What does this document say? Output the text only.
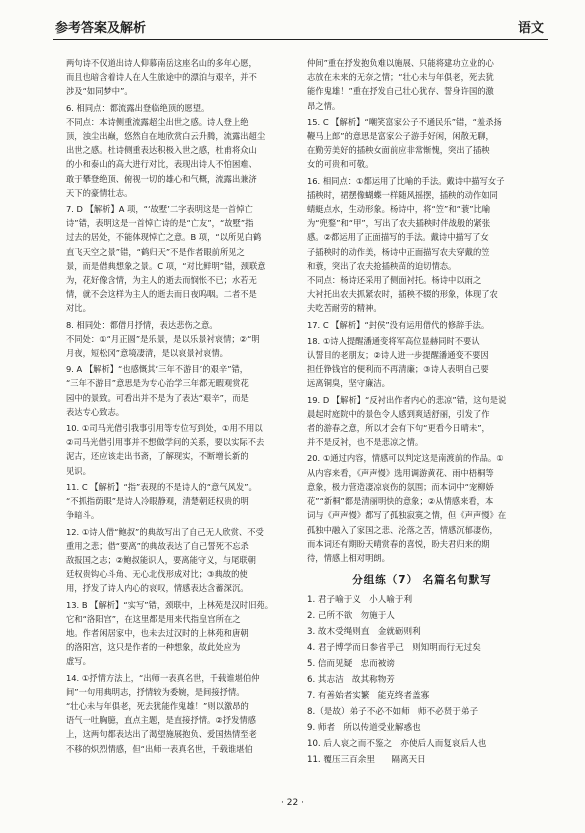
参考答案及解析	语文
两句诗不仅道出诗人仰慕南岳这座名山的多年心愿，
而且也暗含着诗人在人生旅途中的漂泊与艰辛，并不
涉及“如同梦中”。
6. 相同点：都流露出登临绝顶的愿望。
不同点：本诗侧重流露超尘出世之感。诗人登上绝
顶，浊尘出巅，悠然自在地欣赏白云升腾，流露出超尘
出世之感。杜诗侧重表达积极入世之感，杜甫将众山
的小和泰山的高大进行对比，表现出诗人不怕困难、
敢于攀登绝顶、俯视一切的雄心和气概，流露出兼济
天下的豪情壮志。
7. D 【解析】A 项，“‘故墅’二字表明这是一首悼亡
诗”错，表明这是一首悼亡诗的是“亡友”，“故墅”指
过去的居处，不能体现悼亡之意。B 项，“以所见白鹤
直飞天空之景”错，“鹤归天”不是作者眼前所见之
景，而是借典想象之景。C 项，“对比鲜明”错，颈联意
为，花好像含情，为主人的逝去而悯怅不已；水若无
情，就不会这样为主人的逝去而日夜呜咽。二者不是
对比。
8. 相同处：都借月抒情，表达悲伤之意。
不同处：①“月正圆”是乐景，是以乐景衬哀情；②“明
月夜，短松冈”意境凄清，是以哀景衬哀情。
9. A 【解析】“也感慨其‘三年不游目’的艰辛”错，
“三年不游目”意思是为专心治学三年都无暇观赏花
园中的景致。可看出并不是为了表达“艰辛”，而是
表达专心致志。
10. ①司马光借引我事引用等专位写到处，①用不用以
②司马光借引用事并不想做学问的关系，要以实际不去
泥古，还应该走出书斋，了解现实，不断增长新的
见识。
11. C 【解析】“指”表现的不是诗人的“意气风发”。
“不抓指荫眼”是诗人冷眼静观，清楚朝廷权贵的明
争暗斗。
12. ①诗人借“鲍叔”的典故写出了自己无人欣赏、不受
重用之悲；借“要离”的典故表达了自己誓死不忘杀
敌报国之志；②鲍叔能识人，要离能守义，与尾联朝
廷权贵钩心斗角、无心北伐形成对比；③典故的使
用，抒发了诗人内心的哀叹，情感表达含蓄深沉。
13. B 【解析】“实写”错，颈联中，上林苑是汉时旧苑。
它和“洛阳宫”，在这里都是用来代指皇宫所在之
地。作者闲居家中，也未去过汉时的上林苑和唐朝
的洛阳宫，这只是作者的一种想象，故此处应为
虚写。
14. ①抒情方法上，“出师一表真名世，千载谁堪伯仲
间”一句用典明志，抒情较为委婉，是间接抒情。
“壮心未与年俱老，死去犹能作鬼雄！”则以激昂的
语气一吐胸臆，直点主题，是直接抒情。②抒发情感
上，这两句都表达出了渴望施展抱负、爱国热情至老
不移的炽烈情感，但“出师一表真名世，千载谁堪伯
仲间”重在抒发抱负难以施展、只能将建功立业的心
志放在未来的无奈之情；“壮心未与年俱老，死去犹
能作鬼雄！”重在抒发自己壮心犹存、誓身许国的激
昂之情。
15. C 【解析】“嘲笑富家公子不通民乐”错，“羞杀扬
鞭马上郎”的意思是富家公子游手好闲，闲散无聊，
在勤劳美好的插秧女面前应非常惭愧，突出了插秧
女的可贵和可敬。
16. 相同点：①都运用了比喻的手法。戴诗中描写女子
插秧时，裙摆像蝴蝶一样随风摇摆，插秧的动作如同
蜻蜓点水，生动形象。杨诗中，将“笠”和“蓑”比喻
为“兜鍪”和“甲”，写出了农夫插秧时伴战般的紧张
感。②都运用了正面描写的手法。戴诗中描写了女
子插秧时的动作美，杨诗中正面描写农夫穿戴的笠
和蓑，突出了农夫抢插秧苗的迫切情态。
不同点：杨诗还采用了侧面衬托。杨诗中以雨之
大衬托出农夫抓紧农时，插秧不辍的形象，体现了农
夫吃苦耐劳的精神。
17. C 【解析】“封侯”没有运用借代的修辞手法。
18. ①诗人提醒潘通变将军高位显赫同时不要认
认誓目的老朋友；②诗人进一步提醒潘通变不要因
担任铮钱官的便利而不再清廉；③诗人表明自己要
远离铜臭，坚守廉洁。
19. D 【解析】“反衬出作者内心的悲凉”错，这句是说
晨起时庭院中的景色令人感到爽适舒丽，引发了作
者的游春之意，所以才会有下句“更看今日晴未”，
并不是反衬，也不是悲凉之情。
20. ①通过内容，情感可以判定这是南渡前的作品。①
从内容来看，《声声慢》选用调游黄花、雨中梧桐等
意象，极力营造凄凉哀伤的氛围；而本词中“宠柳娇
花”“新桐”都是清丽明快的意象；②从情感来看，本
词与《声声慢》都写了孤独寂寞之情，但《声声慢》在
孤独中融入了家国之悲、沦落之苦，情感沉郁凄伤，
而本词还有期盼天晴赏春的喜悦，盼夫君归来的期
待，情感上相对明朗。
分组练（7） 名篇名句默写
1. 君子喻于义   小人喻于利
2. 己所不欲   勿施于人
3. 故木受绳则直   金就砺则利
4. 君子博学而日参省乎己   则知明而行无过矣
5. 信而见疑   忠而被谤
6. 其志洁   故其称物芳
7. 有善始者实繁   能克终者盖寡
8.（是故）弟子不必不如师   师不必贤于弟子
9. 师者   所以传道受业解惑也
10. 后人哀之而不鉴之   亦使后人而复哀后人也
11. 覆压三百余里      隔离天日
· 22 ·
